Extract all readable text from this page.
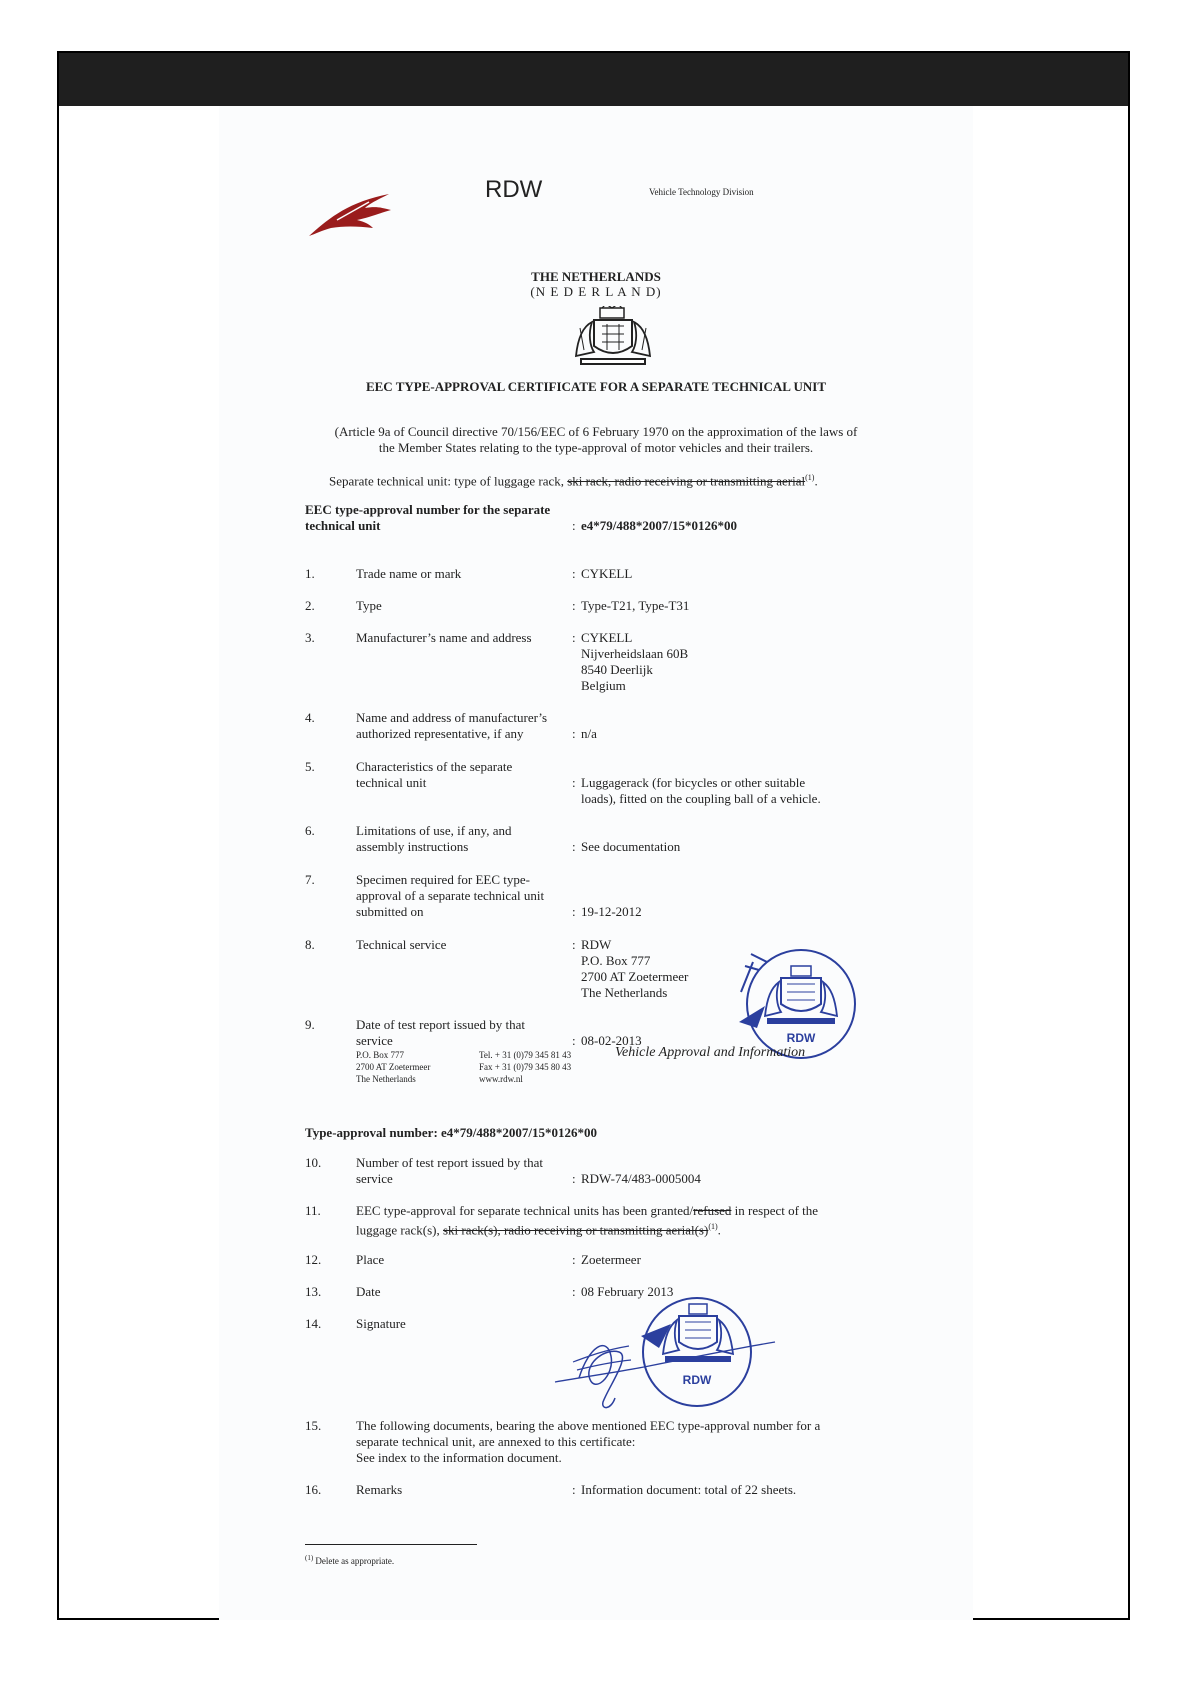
RDW	Vehicle Technology Division
THE NETHERLANDS
(N E D E R L A N D)
EEC TYPE-APPROVAL CERTIFICATE FOR A SEPARATE TECHNICAL UNIT
(Article 9a of Council directive 70/156/EEC of 6 February 1970 on the approximation of the laws of
the Member States relating to the type-approval of motor vehicles and their trailers.
Separate technical unit: type of luggage rack, ski rack, radio receiving or transmitting aerial$^{(1)}$.
EEC type-approval number for the separate
technical unit	: e4*79/488*2007/15*0126*00
1.	Trade name or mark	: CYKELL
2.	Type	: Type-T21, Type-T31
3.	Manufacturer’s name and address	: CYKELL
Nijverheidslaan 60B
8540 Deerlijk
Belgium
4.	Name and address of manufacturer’s
authorized representative, if any	: n/a
5.	Characteristics of the separate
technical unit	: Luggagerack (for bicycles or other suitable
loads), fitted on the coupling ball of a vehicle.
6.	Limitations of use, if any, and
assembly instructions	: See documentation
7.	Specimen required for EEC type-
approval of a separate technical unit
submitted on	: 19-12-2012
8.	Technical service	: RDW
P.O. Box 777
2700 AT Zoetermeer
The Netherlands
9.	Date of test report issued by that
service	: 08-02-2013	RDW
P.O. Box 777
2700 AT Zoetermeer
The Netherlands
Tel. + 31 (0)79 345 81 43
Fax + 31 (0)79 345 80 43
www.rdw.nl
Vehicle Approval and Information
Type-approval number: e4*79/488*2007/15*0126*00
10.	Number of test report issued by that
service	: RDW-74/483-0005004
11.	EEC type-approval for separate technical units has been granted/refused in respect of the
luggage rack(s), ski rack(s), radio receiving or transmitting $aerial(s)^{(1)}$.
12.	Place	: Zoetermeer
13.	Date	: 08 February 2013
14.	Signature
RDW
15.	The following documents, bearing the above mentioned EEC type-approval number for a
separate technical unit, are annexed to this certificate:
See index to the information document.
16.	Remarks	: Information document: total of 22 sheets.
$^{(1)}$ Delete as appropriate.
